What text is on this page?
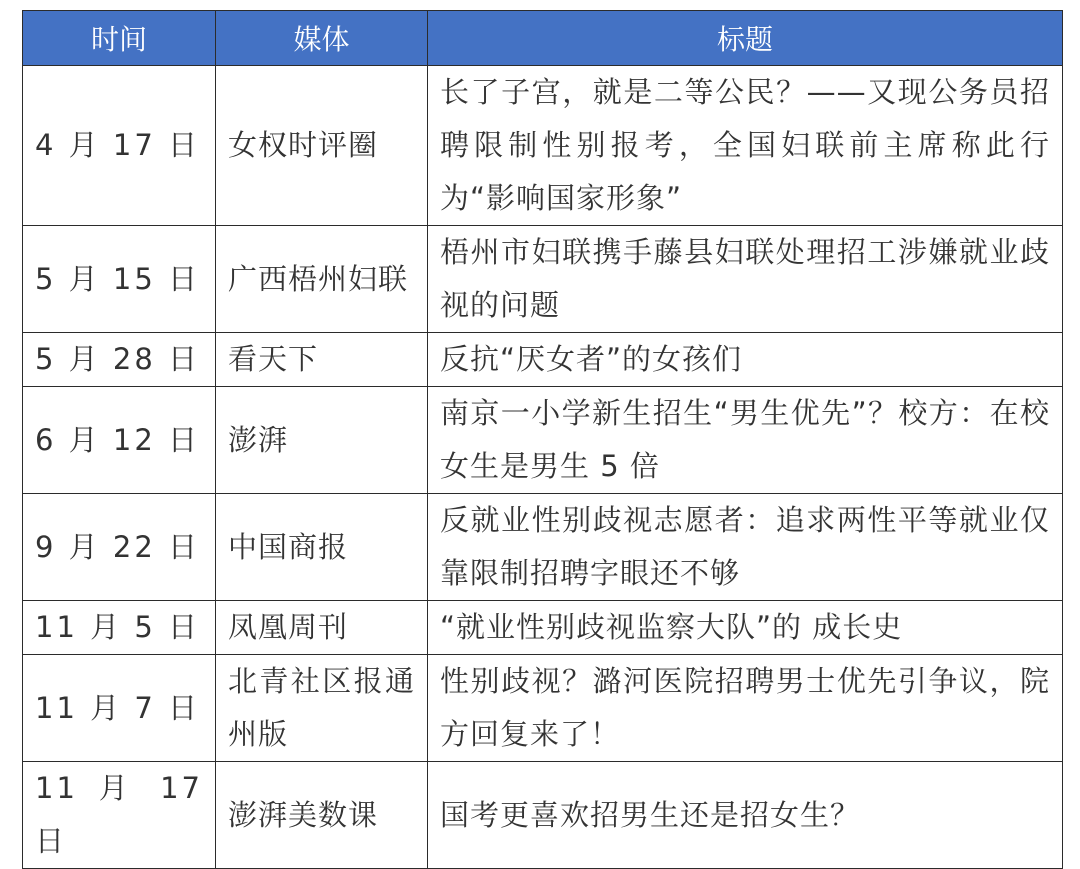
时间	媒体	标题
4 月 17 日	女权时评圈	长了子宫，就是二等公民？——又现公务员招聘限制性别报考，全国妇联前主席称此行为“影响国家形象”
5 月 15 日	广西梧州妇联	梧州市妇联携手藤县妇联处理招工涉嫌就业歧视的问题
5 月 28 日	看天下	反抗“厌女者”的女孩们
6 月 12 日	澎湃	南京一小学新生招生“男生优先”？校方：在校女生是男生 5 倍
9 月 22 日	中国商报	反就业性别歧视志愿者：追求两性平等就业仅靠限制招聘字眼还不够
11 月 5 日	凤凰周刊	“就业性别歧视监察大队”的 成长史
11 月 7 日	北青社区报通州版	性别歧视？潞河医院招聘男士优先引争议，院方回复来了！
11 月 17 日	澎湃美数课	国考更喜欢招男生还是招女生？
